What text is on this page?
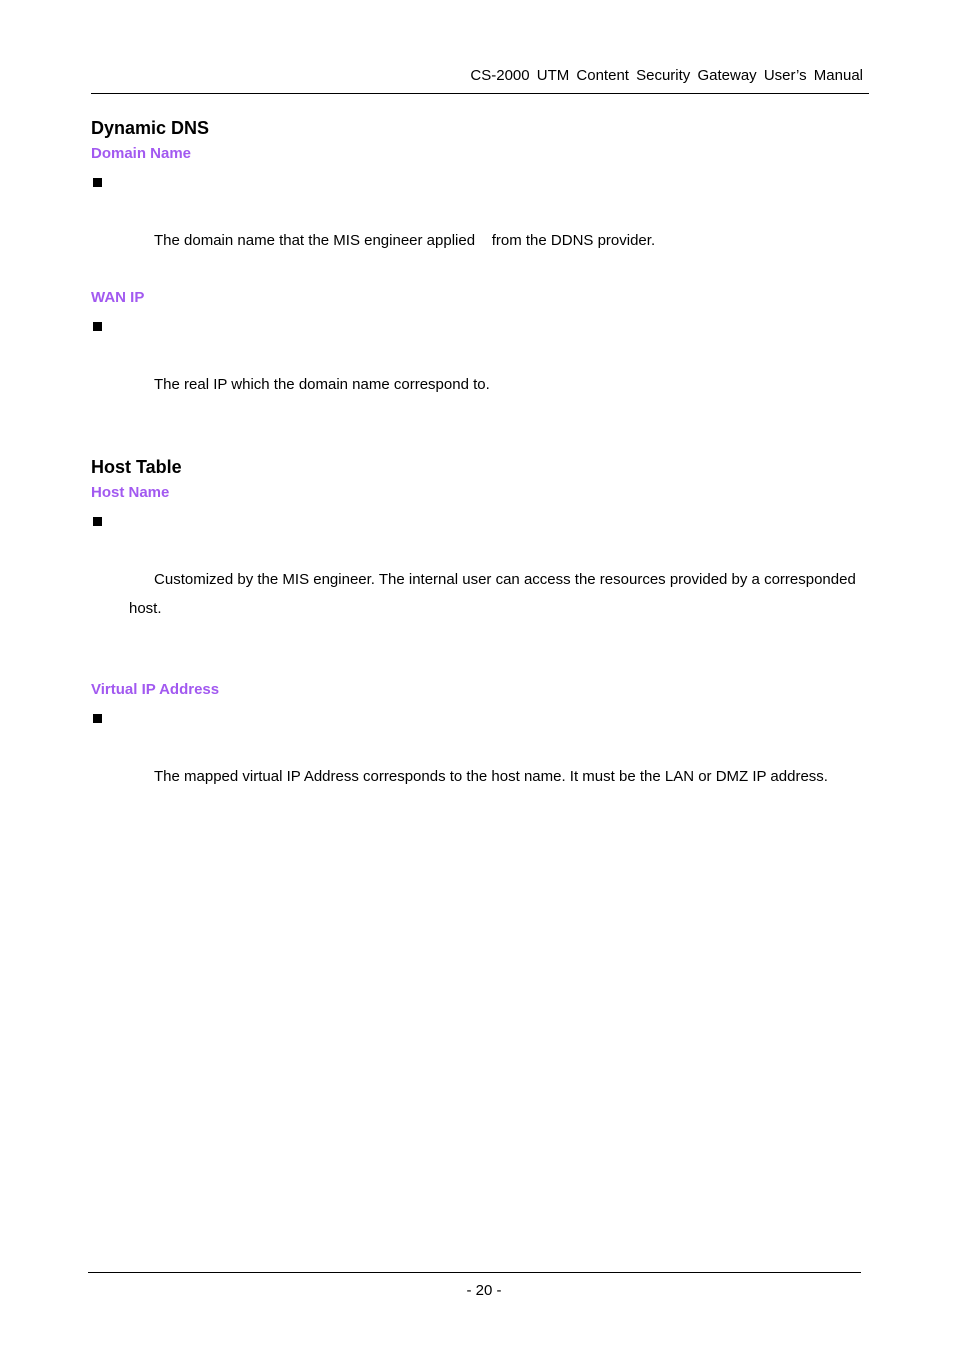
CS-2000 UTM Content Security Gateway User’s Manual
Dynamic DNS
Domain Name

The domain name that the MIS engineer applied    from the DDNS provider.

WAN IP

The real IP which the domain name correspond to.

Host Table
Host Name

Customized by the MIS engineer. The internal user can access the resources provided by a corresponded host.

Virtual IP Address

The mapped virtual IP Address corresponds to the host name. It must be the LAN or DMZ IP address.

- 20 -
